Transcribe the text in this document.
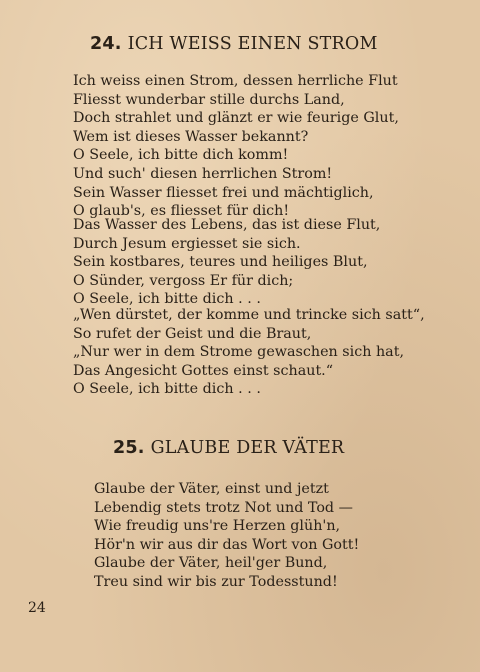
24. ICH WEISS EINEN STROM

Ich weiss einen Strom, dessen herrliche Flut
Fliesst wunderbar stille durchs Land,
Doch strahlet und glänzt er wie feurige Glut,
Wem ist dieses Wasser bekannt?
O Seele, ich bitte dich komm!
Und such' diesen herrlichen Strom!
Sein Wasser fliesset frei und mächtiglich,
O glaub's, es fliesset für dich!

Das Wasser des Lebens, das ist diese Flut,
Durch Jesum ergiesset sie sich.
Sein kostbares, teures und heiliges Blut,
O Sünder, vergoss Er für dich;
O Seele, ich bitte dich . . .

„Wen dürstet, der komme und trincke sich satt“,
So rufet der Geist und die Braut,
„Nur wer in dem Strome gewaschen sich hat,
Das Angesicht Gottes einst schaut.“
O Seele, ich bitte dich . . .

25. GLAUBE DER VÄTER

Glaube der Väter, einst und jetzt
Lebendig stets trotz Not und Tod —
Wie freudig uns're Herzen glüh'n,
Hör'n wir aus dir das Wort von Gott!
Glaube der Väter, heil'ger Bund,
Treu sind wir bis zur Todesstund!

24
